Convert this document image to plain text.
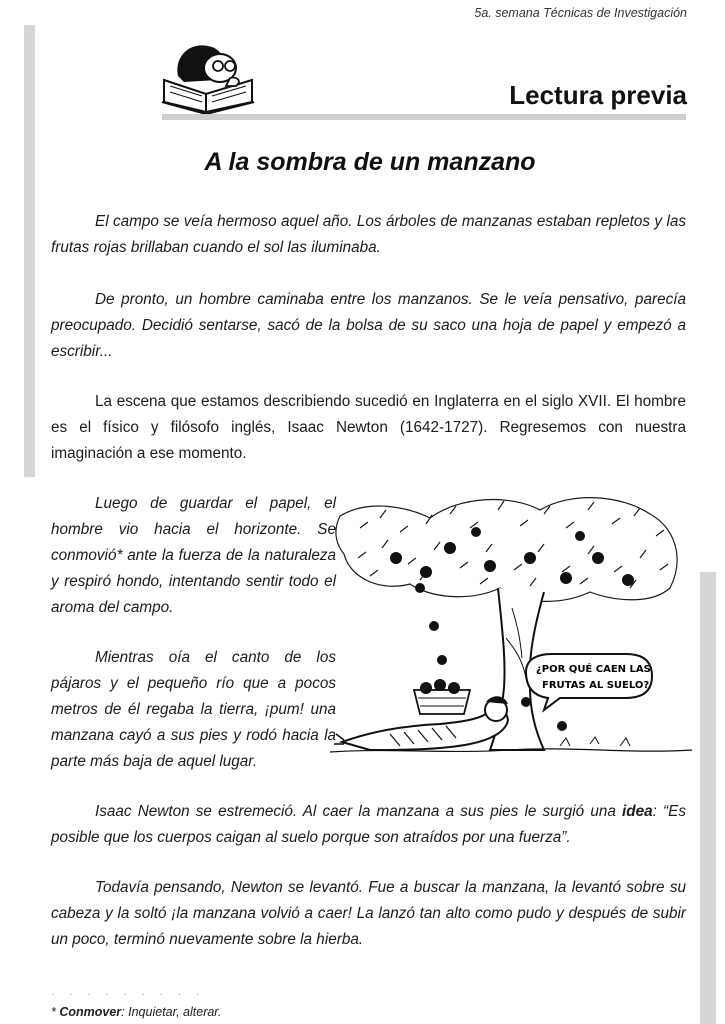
5a. semana Técnicas de Investigación
Lectura previa
A la sombra de un manzano

El campo se veía hermoso aquel año. Los árboles de manzanas estaban repletos y las frutas rojas brillaban cuando el sol las iluminaba.

De pronto, un hombre caminaba entre los manzanos. Se le veía pensativo, parecía preocupado. Decidió sentarse, sacó de la bolsa de su saco una hoja de papel y empezó a escribir...

La escena que estamos describiendo sucedió en Inglaterra en el siglo XVII. El hombre es el físico y filósofo inglés, Isaac Newton (1642-1727). Regresemos con nuestra imaginación a ese momento.

Luego de guardar el papel, el hombre vio hacia el horizonte. Se conmovió* ante la fuerza de la naturaleza y respiró hondo, intentando sentir todo el aroma del campo.

Mientras oía el canto de los pájaros y el pequeño río que a pocos metros de él regaba la tierra, ¡pum! una manzana cayó a sus pies y rodó hacia la parte más baja de aquel lugar.

¿POR QUÉ CAEN LAS
FRUTAS AL SUELO?

Isaac Newton se estremeció. Al caer la manzana a sus pies le surgió una idea: “Es posible que los cuerpos caigan al suelo porque son atraídos por una fuerza”.

Todavía pensando, Newton se levantó. Fue a buscar la manzana, la levantó sobre su cabeza y la soltó ¡la manzana volvió a caer! La lanzó tan alto como pudo y después de subir un poco, terminó nuevamente sobre la hierba.

· · · · · · · · ·
* Conmover: Inquietar, alterar.
